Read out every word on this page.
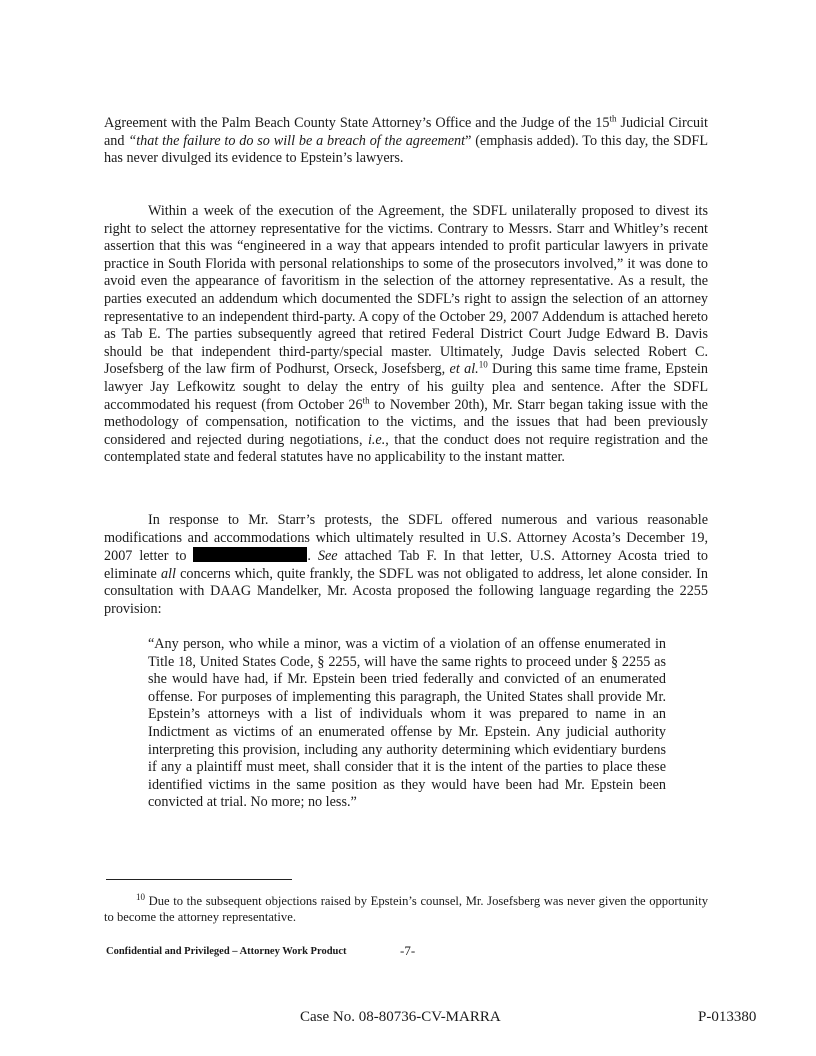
Agreement with the Palm Beach County State Attorney’s Office and the Judge of the 15th Judicial Circuit and “that the failure to do so will be a breach of the agreement” (emphasis added). To this day, the SDFL has never divulged its evidence to Epstein’s lawyers.

Within a week of the execution of the Agreement, the SDFL unilaterally proposed to divest its right to select the attorney representative for the victims. Contrary to Messrs. Starr and Whitley’s recent assertion that this was “engineered in a way that appears intended to profit particular lawyers in private practice in South Florida with personal relationships to some of the prosecutors involved,” it was done to avoid even the appearance of favoritism in the selection of the attorney representative. As a result, the parties executed an addendum which documented the SDFL’s right to assign the selection of an attorney representative to an independent third-party. A copy of the October 29, 2007 Addendum is attached hereto as Tab E. The parties subsequently agreed that retired Federal District Court Judge Edward B. Davis should be that independent third-party/special master. Ultimately, Judge Davis selected Robert C. Josefsberg of the law firm of Podhurst, Orseck, Josefsberg, et al.$^{10}$ During this same time frame, Epstein lawyer Jay Lefkowitz sought to delay the entry of his guilty plea and sentence. After the SDFL accommodated his request (from October 26th to November 20th), Mr. Starr began taking issue with the methodology of compensation, notification to the victims, and the issues that had been previously considered and rejected during negotiations, i.e., that the conduct does not require registration and the contemplated state and federal statutes have no applicability to the instant matter.

In response to Mr. Starr’s protests, the SDFL offered numerous and various reasonable modifications and accommodations which ultimately resulted in U.S. Attorney Acosta’s December 19, 2007 letter to	. See attached Tab F. In that letter, U.S. Attorney Acosta tried to eliminate all concerns which, quite frankly, the SDFL was not obligated to address, let alone consider. In consultation with DAAG Mandelker, Mr. Acosta proposed the following language regarding the 2255 provision:

“Any person, who while a minor, was a victim of a violation of an offense enumerated in Title 18, United States Code, § 2255, will have the same rights to proceed under § 2255 as she would have had, if Mr. Epstein been tried federally and convicted of an enumerated offense. For purposes of implementing this paragraph, the United States shall provide Mr. Epstein’s attorneys with a list of individuals whom it was prepared to name in an Indictment as victims of an enumerated offense by Mr. Epstein. Any judicial authority interpreting this provision, including any authority determining which evidentiary burdens if any a plaintiff must meet, shall consider that it is the intent of the parties to place these identified victims in the same position as they would have been had Mr. Epstein been convicted at trial. No more; no less.”

$^{10}$ Due to the subsequent objections raised by Epstein’s counsel, Mr. Josefsberg was never given the opportunity to become the attorney representative.

Confidential and Privileged – Attorney Work Product	-7-
Case No. 08-80736-CV-MARRA	P-013380
